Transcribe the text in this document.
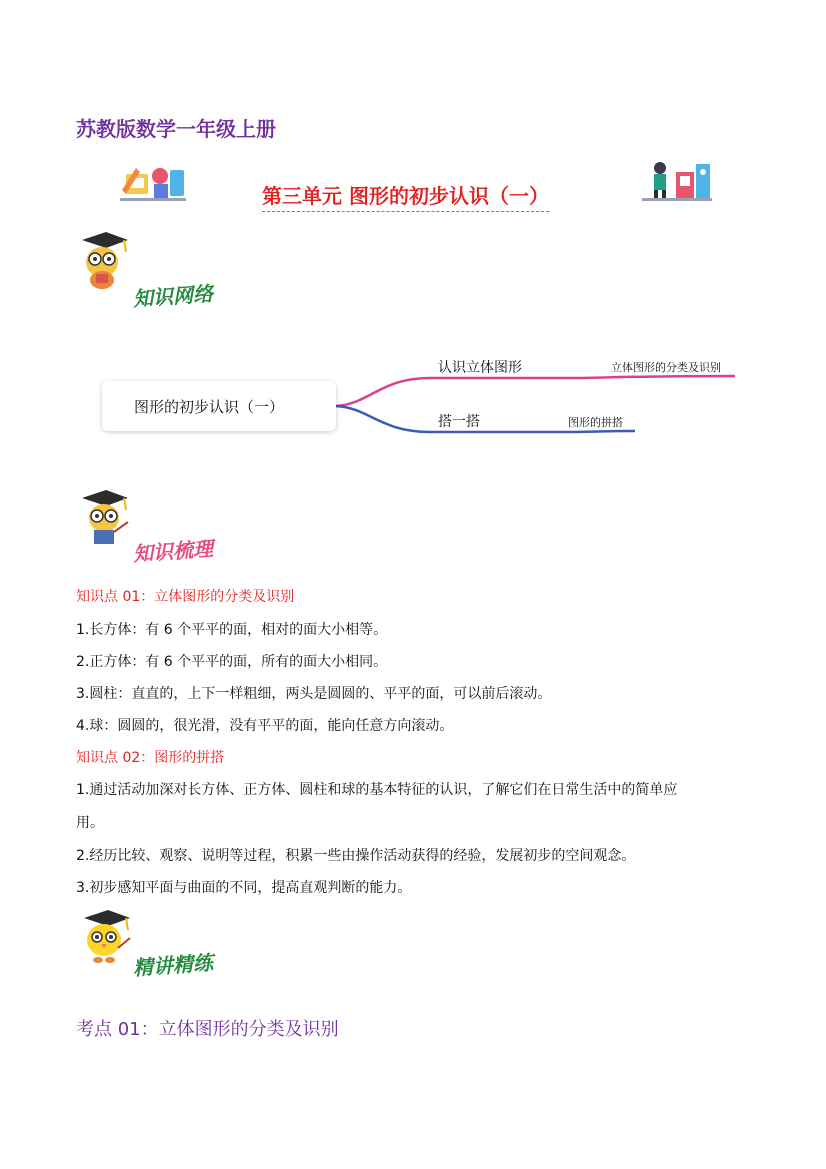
苏教版数学一年级上册
第三单元 图形的初步认识（一）
知识网络
图形的初步认识（一）
认识立体图形	立体图形的分类及识别
搭一搭	图形的拼搭
知识梳理
知识点 01：立体图形的分类及识别
1.长方体：有 6 个平平的面，相对的面大小相等。
2.正方体：有 6 个平平的面，所有的面大小相同。
3.圆柱：直直的，上下一样粗细，两头是圆圆的、平平的面，可以前后滚动。
4.球：圆圆的，很光滑，没有平平的面，能向任意方向滚动。
知识点 02：图形的拼搭
1.通过活动加深对长方体、正方体、圆柱和球的基本特征的认识，了解它们在日常生活中的简单应
用。
2.经历比较、观察、说明等过程，积累一些由操作活动获得的经验，发展初步的空间观念。
3.初步感知平面与曲面的不同，提高直观判断的能力。
精讲精练
考点 01：立体图形的分类及识别
